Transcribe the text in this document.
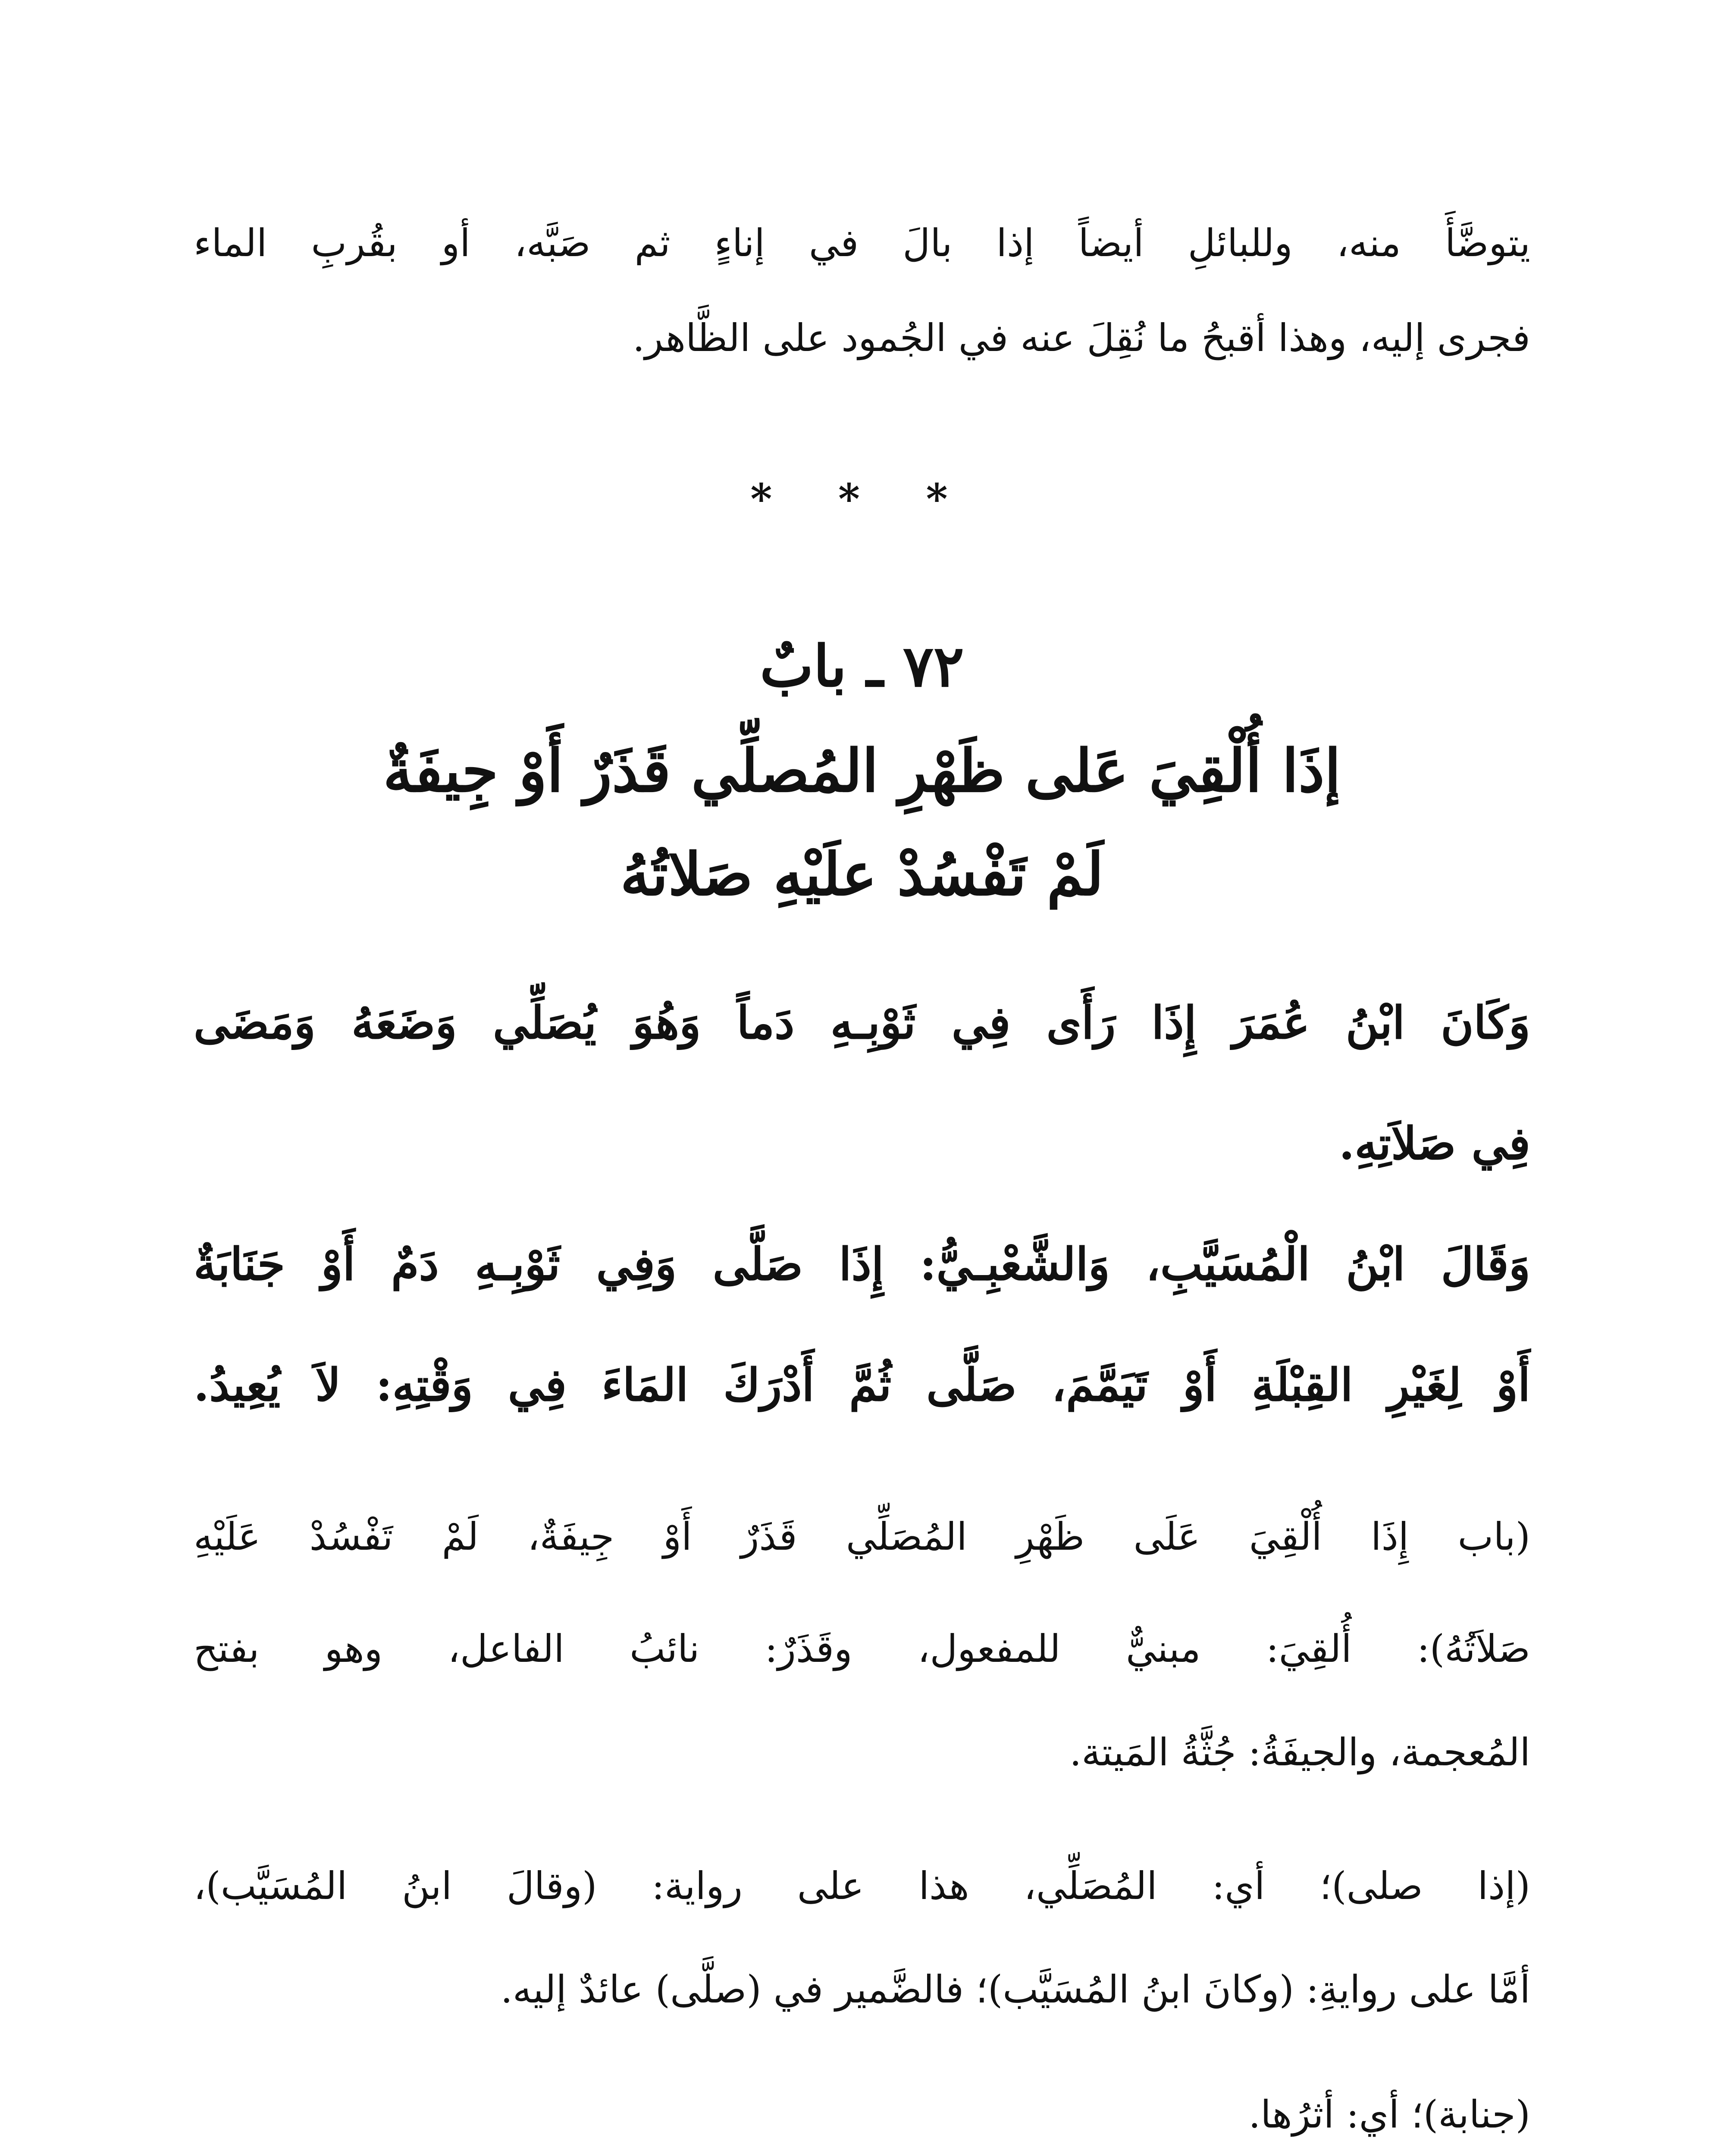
يتوضَّأَ منه، وللبائلِ أيضاً إذا بالَ في إناءٍ ثم صَبَّه، أو بقُربِ الماء
فجرى إليه، وهذا أقبحُ ما نُقِلَ عنه في الجُمود على الظَّاهر.
* * *
٧٢ ـ بابٌ
إذَا أُلْقِيَ عَلى ظَهْرِ المُصلِّي قَذَرٌ أَوْ جِيفَةٌ
لَمْ تَفْسُدْ علَيْهِ صَلاتُهُ
وَكَانَ ابْنُ عُمَرَ إِذَا رَأَى فِي ثَوْبِـهِ دَماً وَهُوَ يُصَلِّي وَضَعَهُ وَمَضَى
فِي صَلاَتِهِ.
وَقَالَ ابْنُ الْمُسَيَّبِ، وَالشَّعْبِـيُّ: إِذَا صَلَّى وَفِي ثَوْبِـهِ دَمٌ أَوْ جَنَابَةٌ
أَوْ لِغَيْرِ القِبْلَةِ أَوْ تَيَمَّمَ، صَلَّى ثُمَّ أَدْرَكَ المَاءَ فِي وَقْتِهِ: لاَ يُعِيدُ.
(باب إِذَا أُلْقِيَ عَلَى ظَهْرِ المُصَلِّي قَذَرٌ أَوْ جِيفَةٌ، لَمْ تَفْسُدْ عَلَيْهِ
صَلاَتُهُ): أُلقِيَ: مبنيٌّ للمفعول، وقَذَرٌ: نائبُ الفاعل، وهو بفتح
المُعجمة، والجيفَةُ: جُثَّةُ المَيتة.
(إذا صلى)؛ أي: المُصَلِّي، هذا على رواية: (وقالَ ابنُ المُسَيَّب)،
أمَّا على روايةِ: (وكانَ ابنُ المُسَيَّب)؛ فالضَّمير في (صلَّى) عائدٌ إليه.
(جنابة)؛ أي: أثرُها.
